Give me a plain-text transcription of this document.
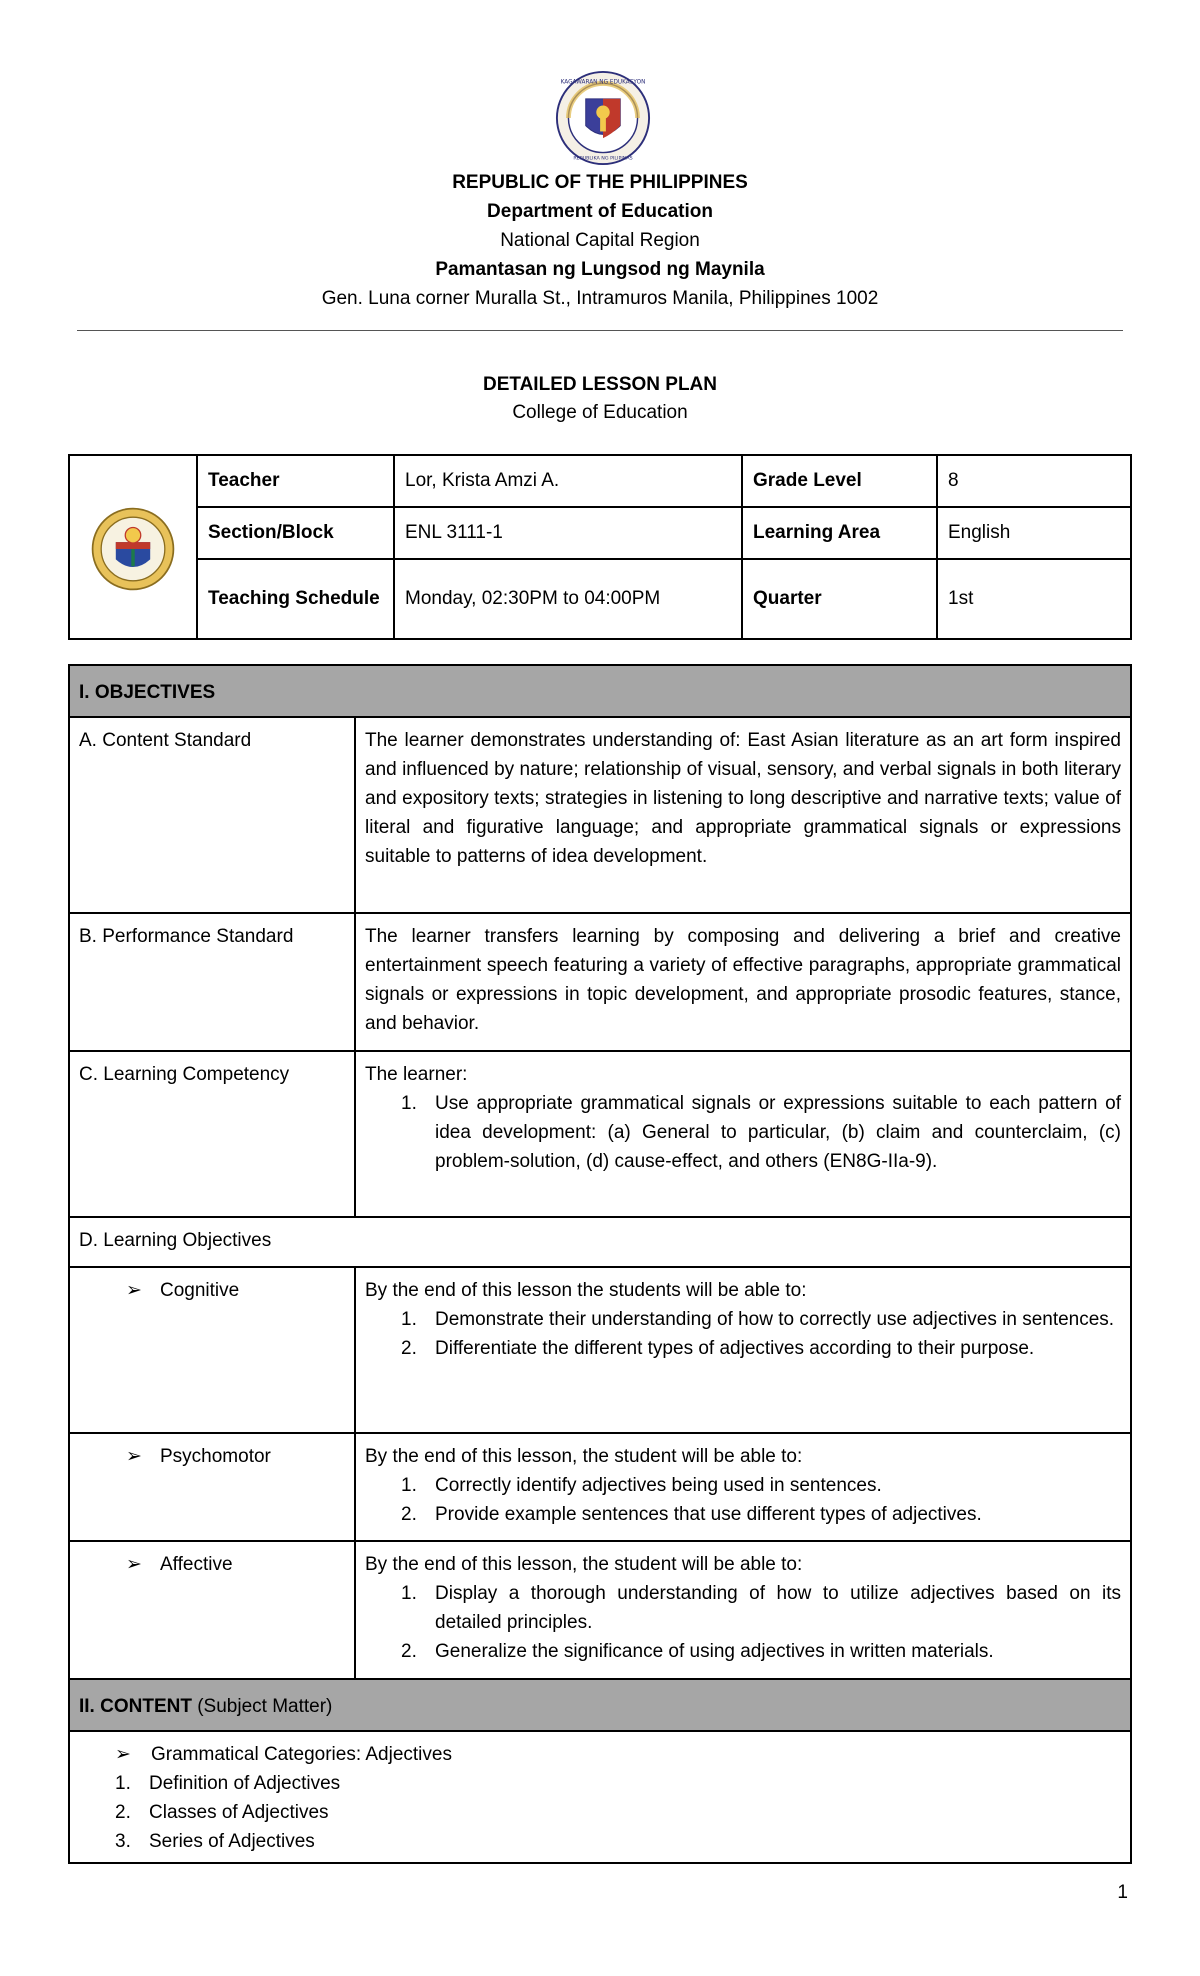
KAGAWARAN NG EDUKASYON
REPUBLIKA NG PILIPINAS
REPUBLIC OF THE PHILIPPINES
Department of Education
National Capital Region
Pamantasan ng Lungsod ng Maynila
Gen. Luna corner Muralla St., Intramuros Manila, Philippines 1002
DETAILED LESSON PLAN
College of Education
Teacher	Lor, Krista Amzi A.	Grade Level	8
Section/Block	ENL 3111-1	Learning Area	English
Teaching Schedule	Monday, 02:30PM to 04:00PM	Quarter	1st
I. OBJECTIVES
A. Content Standard	The learner demonstrates understanding of: East Asian literature as an art form inspired and influenced by nature; relationship of visual, sensory, and verbal signals in both literary and expository texts; strategies in listening to long descriptive and narrative texts; value of literal and figurative language; and appropriate grammatical signals or expressions suitable to patterns of idea development.
B. Performance Standard	The learner transfers learning by composing and delivering a brief and creative entertainment speech featuring a variety of effective paragraphs, appropriate grammatical signals or expressions in topic development, and appropriate prosodic features, stance, and behavior.
C. Learning Competency	The learner:
1. Use appropriate grammatical signals or expressions suitable to each pattern of idea development: (a) General to particular, (b) claim and counterclaim, (c) problem-solution, (d) cause-effect, and others (EN8G-IIa-9).
D. Learning Objectives
➢ Cognitive	By the end of this lesson the students will be able to:
1. Demonstrate their understanding of how to correctly use adjectives in sentences.
2. Differentiate the different types of adjectives according to their purpose.
➢ Psychomotor	By the end of this lesson, the student will be able to:
1. Correctly identify adjectives being used in sentences.
2. Provide example sentences that use different types of adjectives.
➢ Affective	By the end of this lesson, the student will be able to:
1. Display a thorough understanding of how to utilize adjectives based on its detailed principles.
2. Generalize the significance of using adjectives in written materials.
II. CONTENT (Subject Matter)
➢ Grammatical Categories: Adjectives
1. Definition of Adjectives
2. Classes of Adjectives
3. Series of Adjectives
1
